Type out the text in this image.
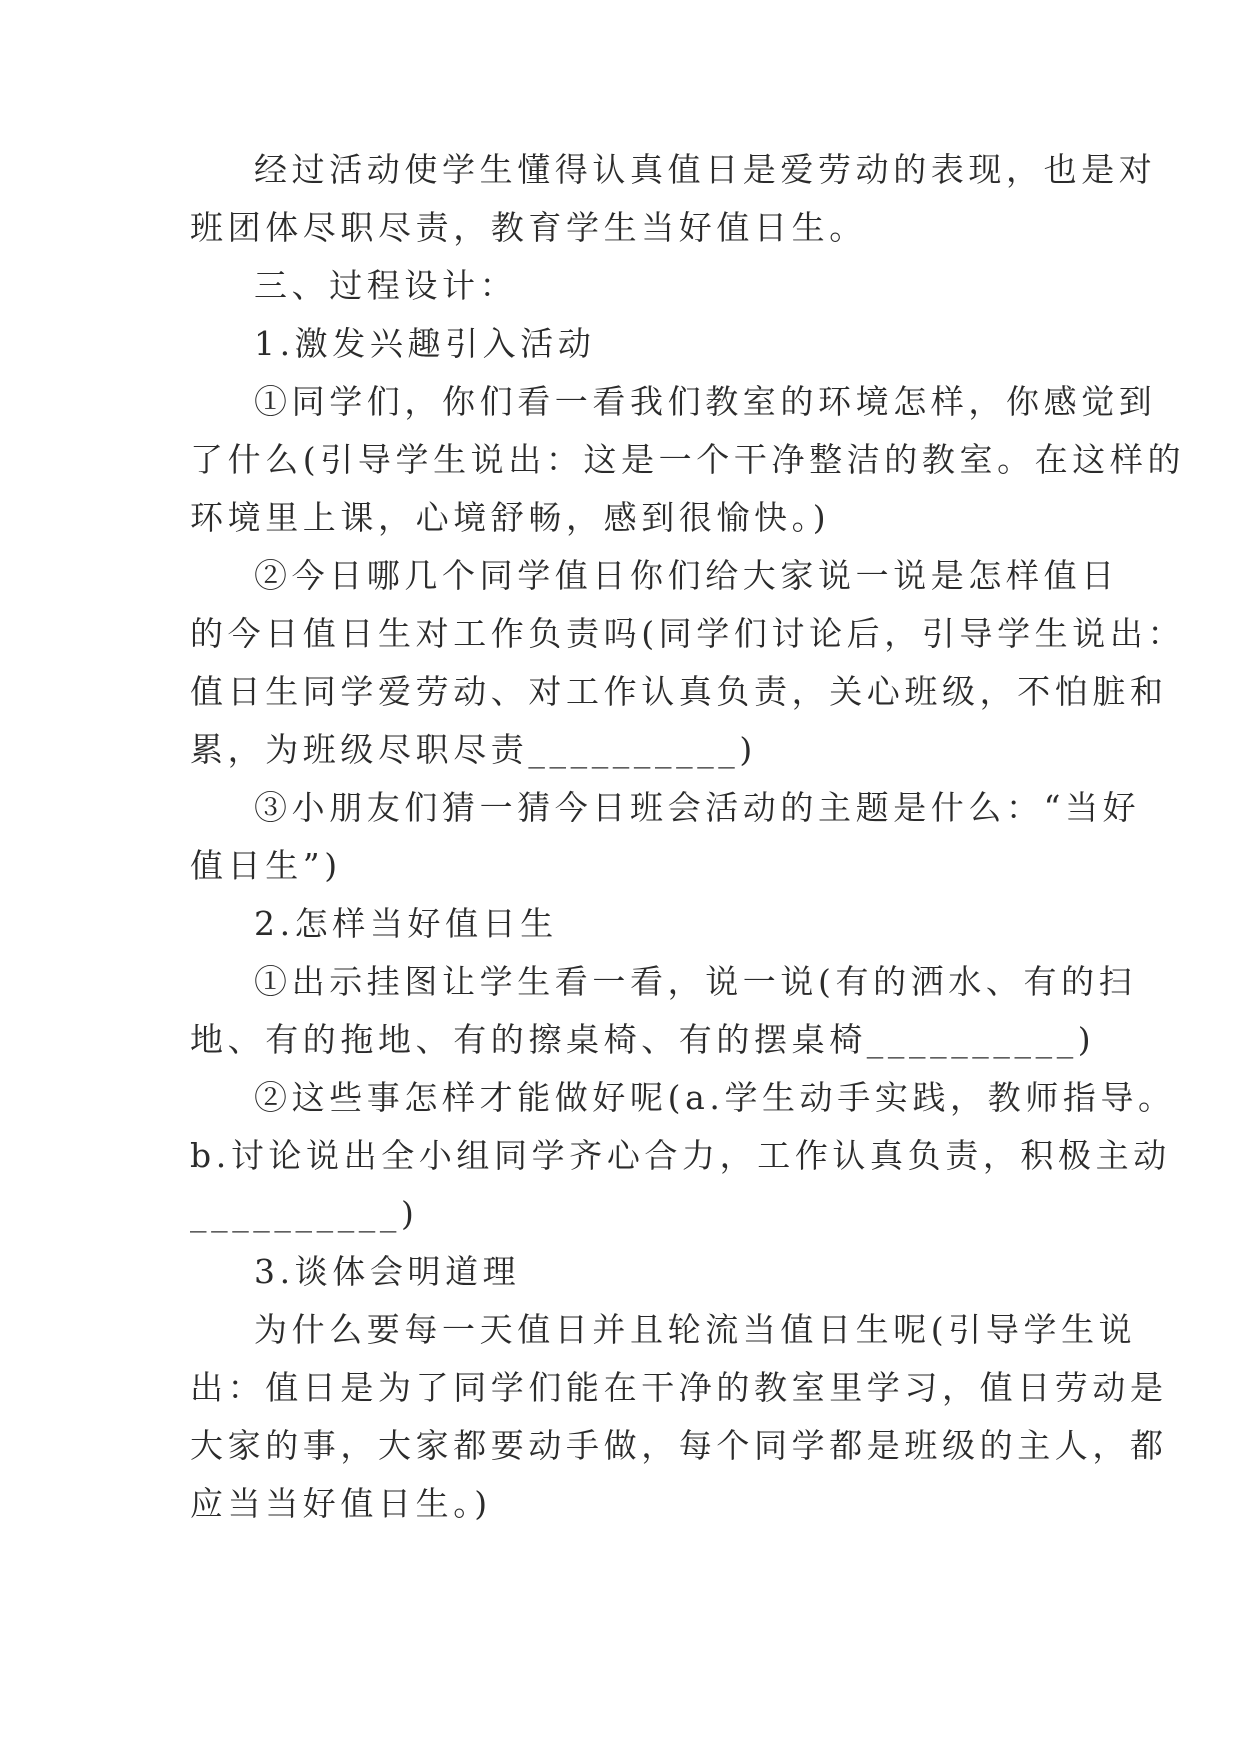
经过活动使学生懂得认真值日是爱劳动的表现，也是对
班团体尽职尽责，教育学生当好值日生。
三、过程设计：
1.激发兴趣引入活动
①同学们，你们看一看我们教室的环境怎样，你感觉到
了什么(引导学生说出：这是一个干净整洁的教室。在这样的
环境里上课，心境舒畅，感到很愉快。)
②今日哪几个同学值日你们给大家说一说是怎样值日
的今日值日生对工作负责吗(同学们讨论后，引导学生说出：
值日生同学爱劳动、对工作认真负责，关心班级，不怕脏和
累，为班级尽职尽责__________)
③小朋友们猜一猜今日班会活动的主题是什么：“当好
值日生”)
2.怎样当好值日生
①出示挂图让学生看一看，说一说(有的洒水、有的扫
地、有的拖地、有的擦桌椅、有的摆桌椅__________)
②这些事怎样才能做好呢(a.学生动手实践，教师指导。
b.讨论说出全小组同学齐心合力，工作认真负责，积极主动
__________)
3.谈体会明道理
为什么要每一天值日并且轮流当值日生呢(引导学生说
出：值日是为了同学们能在干净的教室里学习，值日劳动是
大家的事，大家都要动手做，每个同学都是班级的主人，都
应当当好值日生。)
